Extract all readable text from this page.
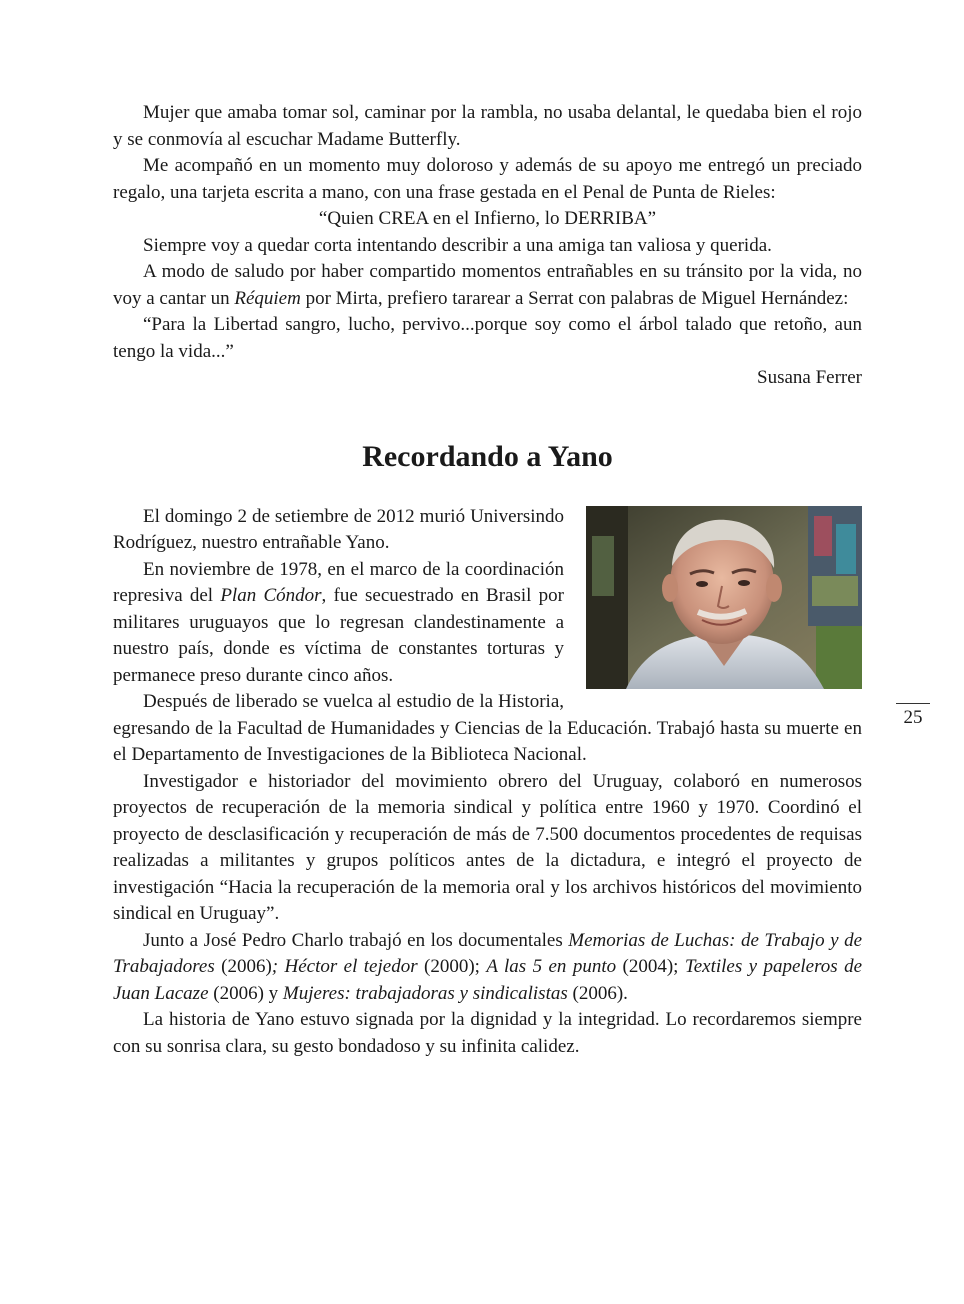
Mujer que amaba tomar sol, caminar por la rambla, no usaba delantal, le quedaba bien el rojo y se conmovía al escuchar Madame Butterfly.

Me acompañó en un momento muy doloroso y además de su apoyo me entregó un preciado regalo, una tarjeta escrita a mano, con una frase gestada en el Penal de Punta de Rieles:

“Quien CREA en el Infierno, lo DERRIBA”

Siempre voy a quedar corta intentando describir a una amiga tan valiosa y querida.

A modo de saludo por haber compartido momentos entrañables en su tránsito por la vida, no voy a cantar un Réquiem por Mirta, prefiero tararear a Serrat con palabras de Miguel Hernández:

“Para la Libertad sangro, lucho, pervivo...porque soy como el árbol talado que retoño, aun tengo la vida...”

Susana Ferrer

Recordando a Yano

El domingo 2 de setiembre de 2012 murió Universindo Rodríguez, nuestro entrañable Yano.

En noviembre de 1978, en el marco de la coordinación represiva del Plan Cóndor, fue secuestrado en Brasil por militares uruguayos que lo regresan clandestinamente a nuestro país, donde es víctima de constantes torturas y permanece preso durante cinco años.

Después de liberado se vuelca al estudio de la Historia, egresando de la Facultad de Humanidades y Ciencias de la Educación. Trabajó hasta su muerte en el Departamento de Investigaciones de la Biblioteca Nacional.

Investigador e historiador del movimiento obrero del Uruguay, colaboró en numerosos proyectos de recuperación de la memoria sindical y política entre 1960 y 1970. Coordinó el proyecto de desclasificación y recuperación de más de 7.500 documentos procedentes de requisas realizadas a militantes y grupos políticos antes de la dictadura, e integró el proyecto de investigación “Hacia la recuperación de la memoria oral y los archivos históricos del movimiento sindical en Uruguay”.

Junto a José Pedro Charlo trabajó en los documentales Memorias de Luchas: de Trabajo y de Trabajadores (2006); Héctor el tejedor (2000); A las 5 en punto (2004); Textiles y papeleros de Juan Lacaze (2006) y Mujeres: trabajadoras y sindicalistas (2006).

La historia de Yano estuvo signada por la dignidad y la integridad. Lo recordaremos siempre con su sonrisa clara, su gesto bondadoso y su infinita calidez.

25
